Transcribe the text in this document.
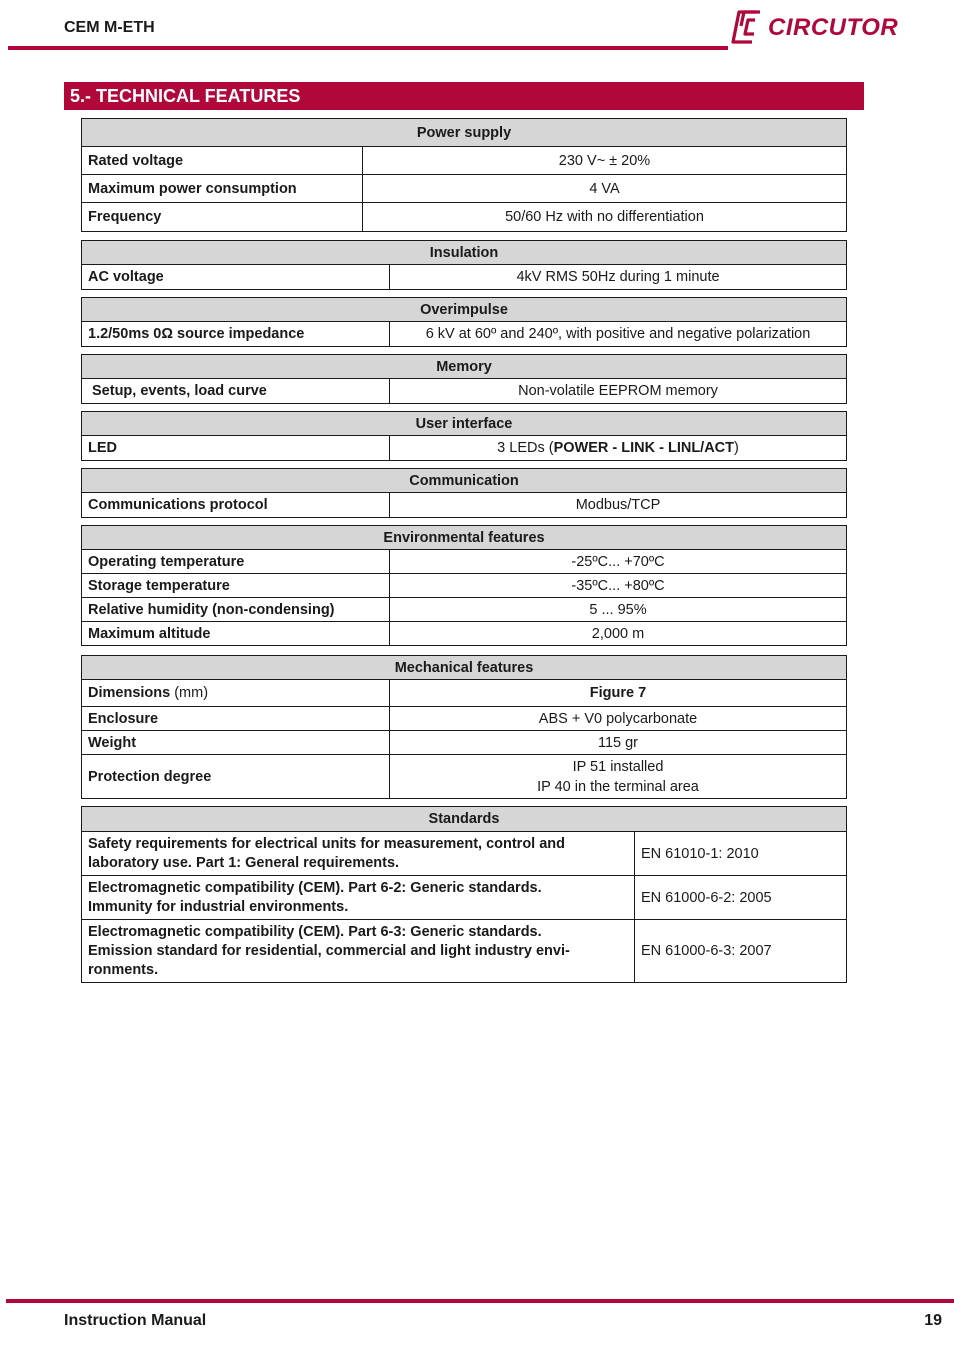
CEM M-ETH	CIRCUTOR
5.- TECHNICAL FEATURES
Power supply	
Rated voltage	230 V~ ± 20%
Maximum power consumption	4 VA
Frequency	50/60 Hz with no differentiation
Insulation
AC voltage	4kV RMS 50Hz during 1 minute
Overimpulse
1.2/50ms 0Ω source impedance	6 kV at 60º and 240º, with positive and negative polarization
Memory
Setup, events, load curve	Non-volatile EEPROM memory
User interface
LED	3 LEDs (POWER - LINK - LINL/ACT)
Communication
Communications protocol	Modbus/TCP
Environmental features	
Operating temperature	-25ºC... +70ºC
Storage temperature	-35ºC... +80ºC
Relative humidity (non-condensing)	5 ... 95%
Maximum altitude	2,000 m
Mechanical features	
Dimensions (mm)	Figure 7
Enclosure	ABS + V0 polycarbonate
Weight	115 gr
Protection degree	IP 51 installed
IP 40 in the terminal area
Standards	

Safety requirements for electrical units for measurement, control and
laboratory use. Part 1: General requirements.	EN 61010-1: 2010

Electromagnetic compatibility (CEM). Part 6-2: Generic standards.
Immunity for industrial environments.	EN 61000-6-2: 2005

Electromagnetic compatibility (CEM). Part 6-3: Generic standards.
Emission standard for residential, commercial and light industry envi-
ronments.	EN 61000-6-3: 2007
Instruction Manual	19
